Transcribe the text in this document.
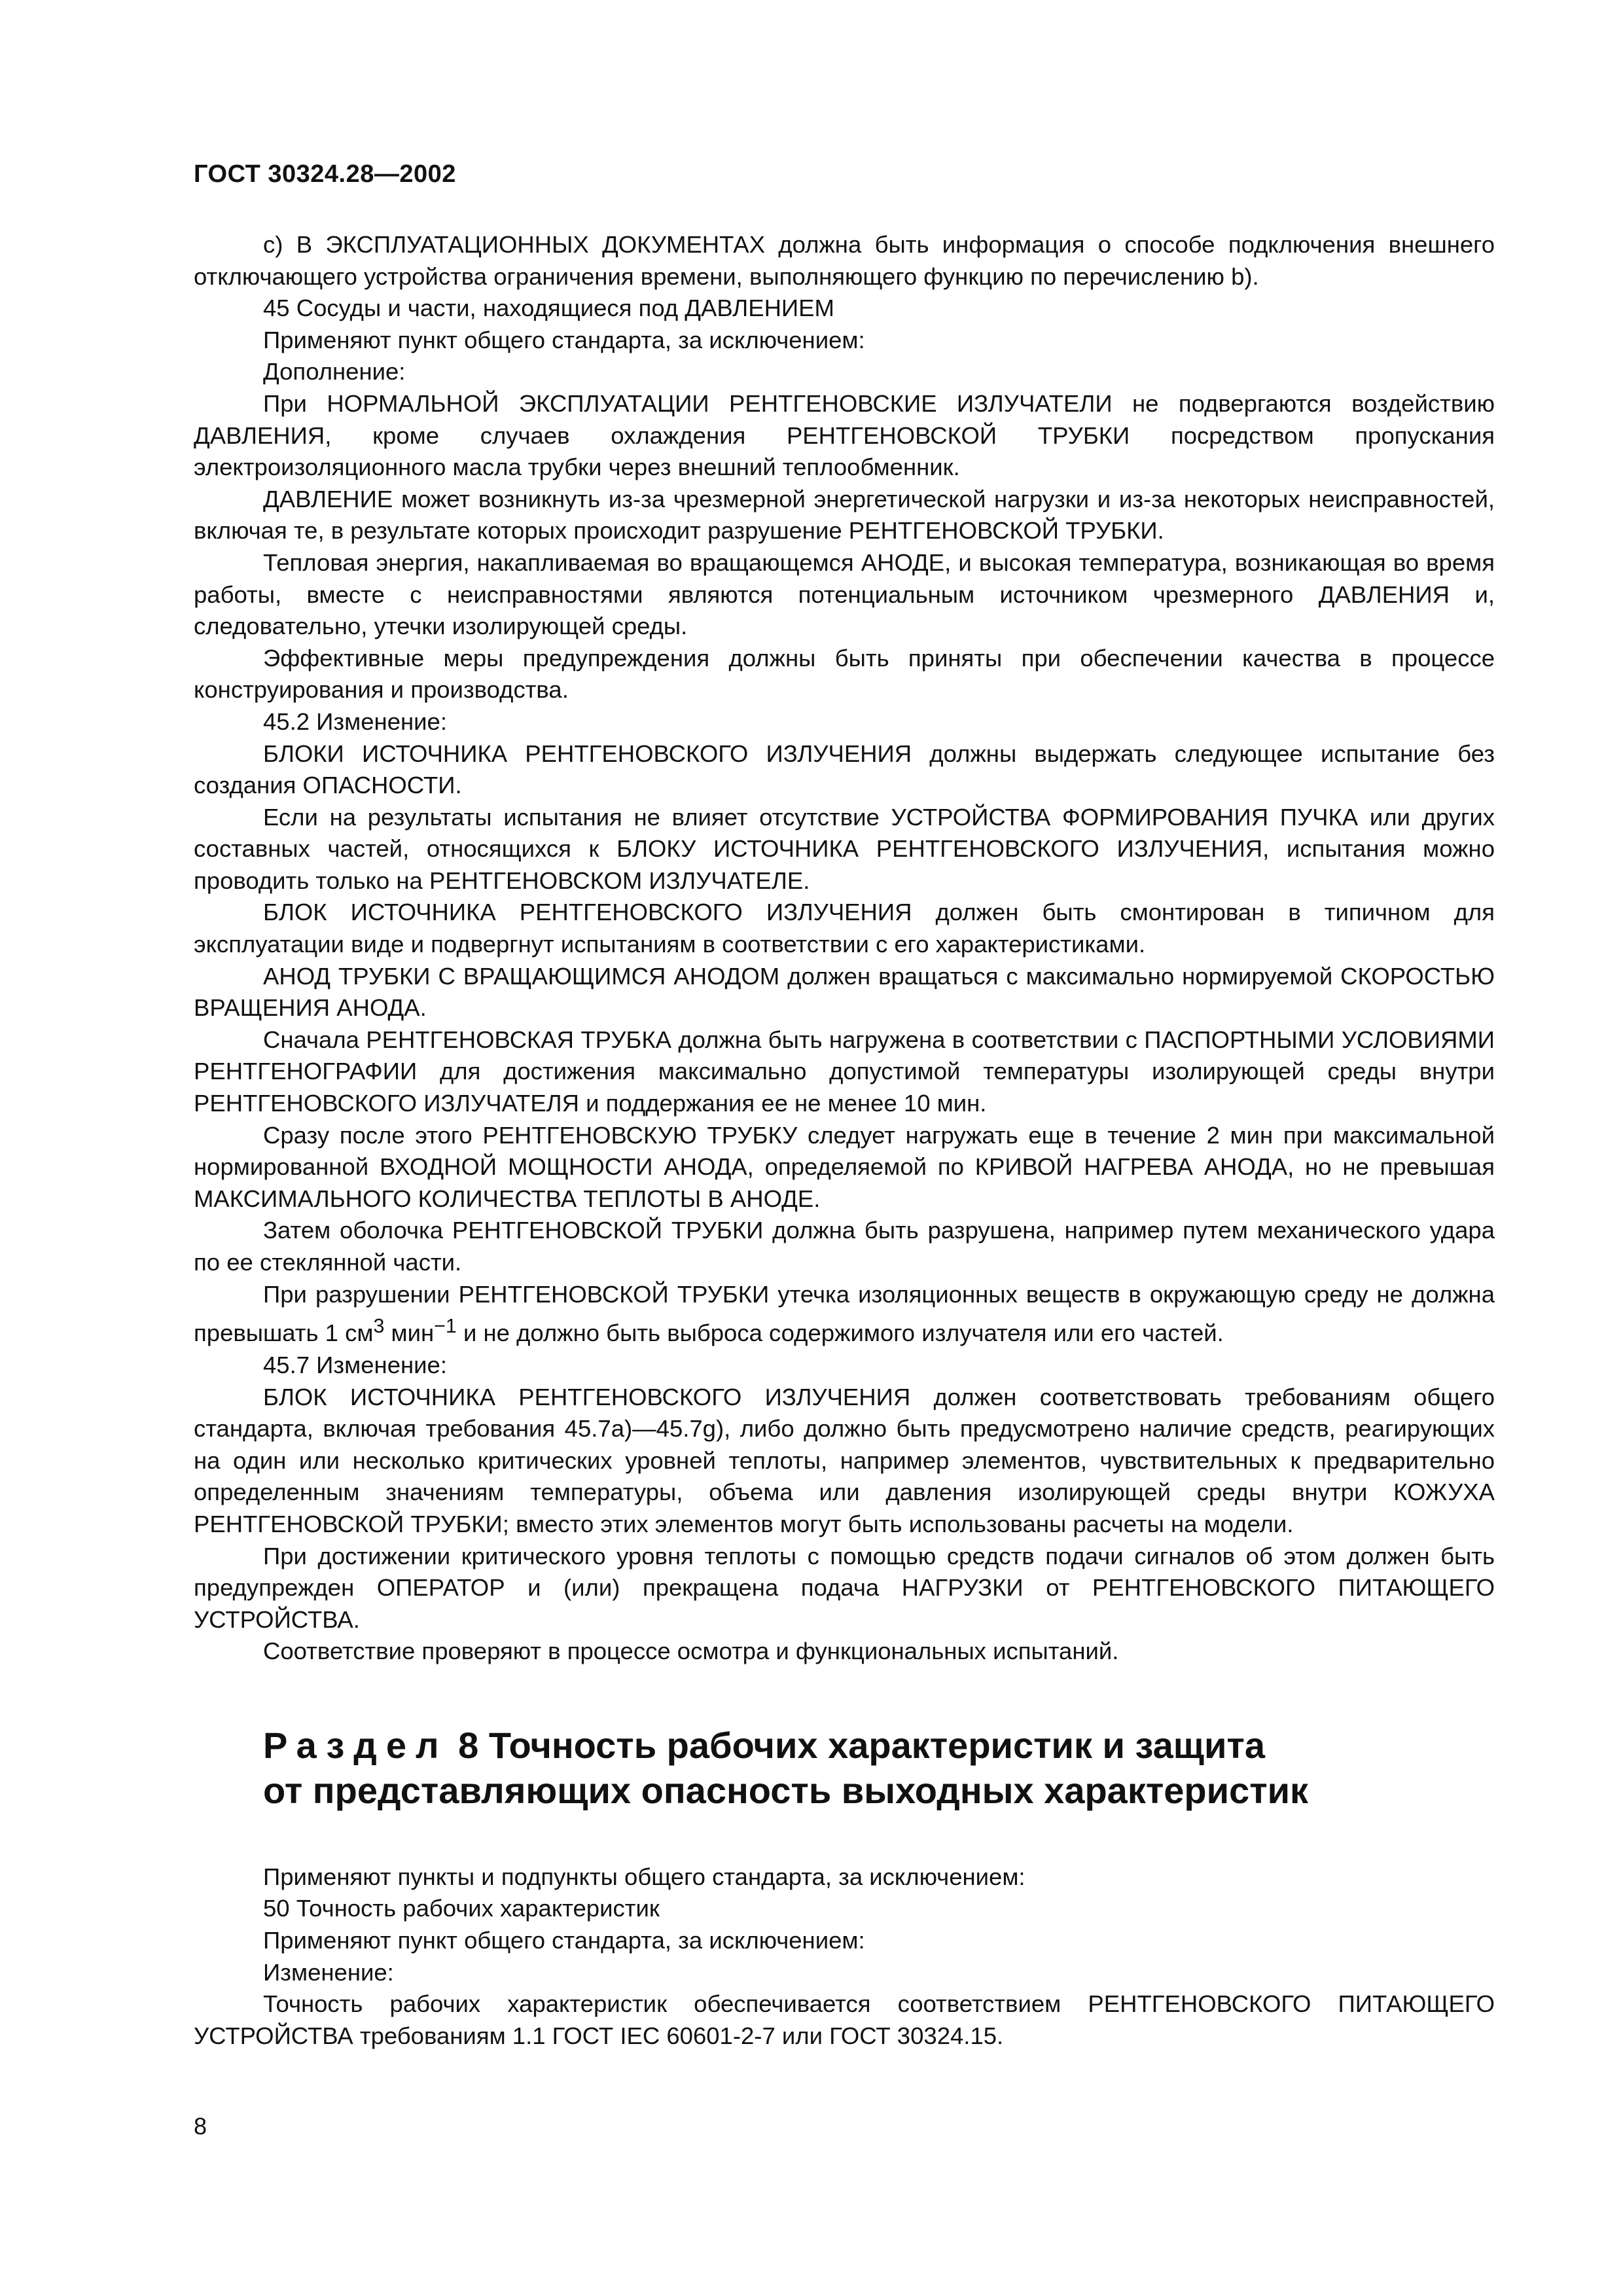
ГОСТ 30324.28—2002

с) В ЭКСПЛУАТАЦИОННЫХ ДОКУМЕНТАХ должна быть информация о способе подключения внешнего отключающего устройства ограничения времени, выполняющего функцию по перечислению b).

45 Сосуды и части, находящиеся под ДАВЛЕНИЕМ

Применяют пункт общего стандарта, за исключением:

Дополнение:

При НОРМАЛЬНОЙ ЭКСПЛУАТАЦИИ РЕНТГЕНОВСКИЕ ИЗЛУЧАТЕЛИ не подвергаются воздействию ДАВЛЕНИЯ, кроме случаев охлаждения РЕНТГЕНОВСКОЙ ТРУБКИ посредством пропускания электроизоляционного масла трубки через внешний теплообменник.

ДАВЛЕНИЕ может возникнуть из-за чрезмерной энергетической нагрузки и из-за некоторых неисправностей, включая те, в результате которых происходит разрушение РЕНТГЕНОВСКОЙ ТРУБКИ.

Тепловая энергия, накапливаемая во вращающемся АНОДЕ, и высокая температура, возникающая во время работы, вместе с неисправностями являются потенциальным источником чрезмерного ДАВЛЕНИЯ и, следовательно, утечки изолирующей среды.

Эффективные меры предупреждения должны быть приняты при обеспечении качества в процессе конструирования и производства.

45.2 Изменение:

БЛОКИ ИСТОЧНИКА РЕНТГЕНОВСКОГО ИЗЛУЧЕНИЯ должны выдержать следующее испытание без создания ОПАСНОСТИ.

Если на результаты испытания не влияет отсутствие УСТРОЙСТВА ФОРМИРОВАНИЯ ПУЧКА или других составных частей, относящихся к БЛОКУ ИСТОЧНИКА РЕНТГЕНОВСКОГО ИЗЛУЧЕНИЯ, испытания можно проводить только на РЕНТГЕНОВСКОМ ИЗЛУЧАТЕЛЕ.

БЛОК ИСТОЧНИКА РЕНТГЕНОВСКОГО ИЗЛУЧЕНИЯ должен быть смонтирован в типичном для эксплуатации виде и подвергнут испытаниям в соответствии с его характеристиками.

АНОД ТРУБКИ С ВРАЩАЮЩИМСЯ АНОДОМ должен вращаться с максимально нормируемой СКОРОСТЬЮ ВРАЩЕНИЯ АНОДА.

Сначала РЕНТГЕНОВСКАЯ ТРУБКА должна быть нагружена в соответствии с ПАСПОРТНЫМИ УСЛОВИЯМИ РЕНТГЕНОГРАФИИ для достижения максимально допустимой температуры изолирующей среды внутри РЕНТГЕНОВСКОГО ИЗЛУЧАТЕЛЯ и поддержания ее не менее 10 мин.

Сразу после этого РЕНТГЕНОВСКУЮ ТРУБКУ следует нагружать еще в течение 2 мин при максимальной нормированной ВХОДНОЙ МОЩНОСТИ АНОДА, определяемой по КРИВОЙ НАГРЕВА АНОДА, но не превышая МАКСИМАЛЬНОГО КОЛИЧЕСТВА ТЕПЛОТЫ В АНОДЕ.

Затем оболочка РЕНТГЕНОВСКОЙ ТРУБКИ должна быть разрушена, например путем механического удара по ее стеклянной части.

При разрушении РЕНТГЕНОВСКОЙ ТРУБКИ утечка изоляционных веществ в окружающую среду не должна превышать 1 $см^3$ мин$^{-1}$ и не должно быть выброса содержимого излучателя или его частей.

45.7 Изменение:

БЛОК ИСТОЧНИКА РЕНТГЕНОВСКОГО ИЗЛУЧЕНИЯ должен соответствовать требованиям общего стандарта, включая требования 45.7а)—45.7g), либо должно быть предусмотрено наличие средств, реагирующих на один или несколько критических уровней теплоты, например элементов, чувствительных к предварительно определенным значениям температуры, объема или давления изолирующей среды внутри КОЖУХА РЕНТГЕНОВСКОЙ ТРУБКИ; вместо этих элементов могут быть использованы расчеты на модели.

При достижении критического уровня теплоты с помощью средств подачи сигналов об этом должен быть предупрежден ОПЕРАТОР и (или) прекращена подача НАГРУЗКИ от РЕНТГЕНОВСКОГО ПИТАЮЩЕГО УСТРОЙСТВА.

Соответствие проверяют в процессе осмотра и функциональных испытаний.

Раздел 8 Точность рабочих характеристик и защита
от представляющих опасность выходных характеристик

Применяют пункты и подпункты общего стандарта, за исключением:

50 Точность рабочих характеристик

Применяют пункт общего стандарта, за исключением:

Изменение:

Точность рабочих характеристик обеспечивается соответствием РЕНТГЕНОВСКОГО ПИТАЮЩЕГО УСТРОЙСТВА требованиям 1.1 ГОСТ IEC 60601-2-7 или ГОСТ 30324.15.

8
